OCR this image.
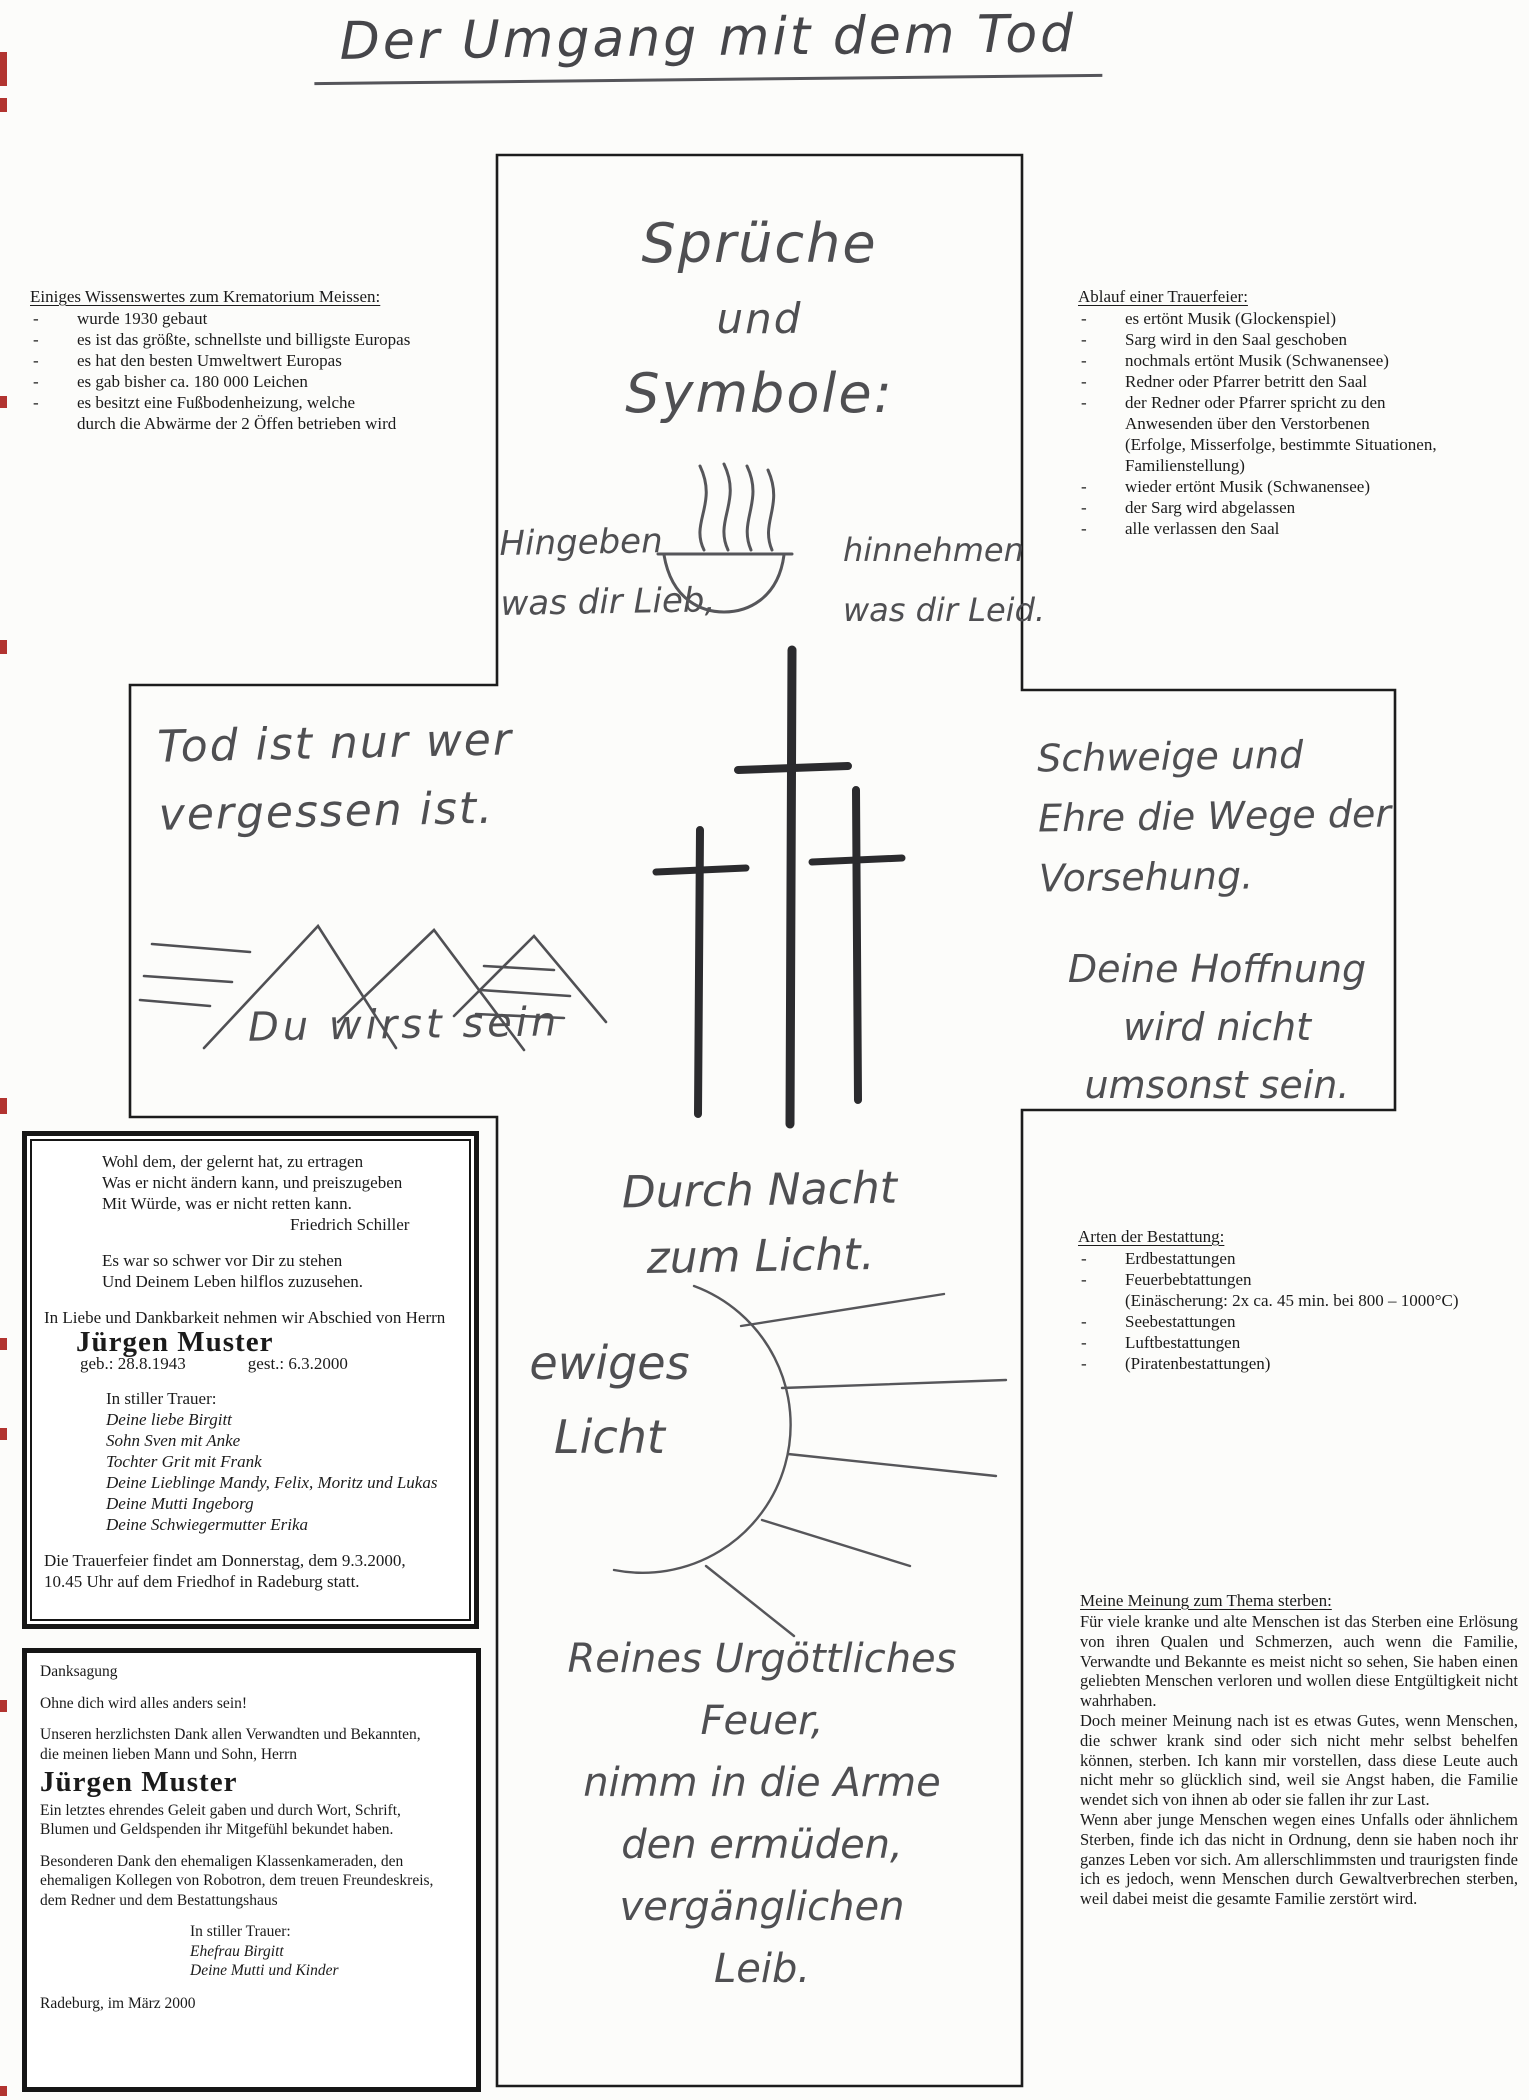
Der Umgang mit dem Tod
Sprüche
und
Symbole:
Hingeben
was dir Lieb,
hinnehmen
was dir Leid.
Durch Nacht
zum Licht.
ewiges
Licht
Reines Urgöttliches
Feuer,
nimm in die Arme
den ermüden,
vergänglichen
Leib.
Einiges Wissenswertes zum Krematorium Meissen:
-	wurde 1930 gebaut
-	es ist das größte, schnellste und billigste Europas
-	es hat den besten Umweltwert Europas
-	es gab bisher ca. 180 000 Leichen
-	es besitzt eine Fußbodenheizung, welche
durch die Abwärme der 2 Öffen betrieben wird
Tod ist nur wer
vergessen ist.
Du wirst sein
Wohl dem, der gelernt hat, zu ertragen
Was er nicht ändern kann, und preiszugeben
Mit Würde, was er nicht retten kann.
Friedrich Schiller
Es war so schwer vor Dir zu stehen
Und Deinem Leben hilflos zuzusehen.
In Liebe und Dankbarkeit nehmen wir Abschied von Herrn
Jürgen Muster
geb.: 28.8.1943	gest.: 6.3.2000
In stiller Trauer:
Deine liebe Birgitt
Sohn Sven mit Anke
Tochter Grit mit Frank
Deine Lieblinge Mandy, Felix, Moritz und Lukas
Deine Mutti Ingeborg
Deine Schwiegermutter Erika
Die Trauerfeier findet am Donnerstag, dem 9.3.2000,
10.45 Uhr auf dem Friedhof in Radeburg statt.
Danksagung
Ohne dich wird alles anders sein!
Unseren herzlichsten Dank allen Verwandten und Bekannten,
die meinen lieben Mann und Sohn, Herrn
Jürgen Muster
Ein letztes ehrendes Geleit gaben und durch Wort, Schrift,
Blumen und Geldspenden ihr Mitgefühl bekundet haben.
Besonderen Dank den ehemaligen Klassenkameraden, den
ehemaligen Kollegen von Robotron, dem treuen Freundeskreis,
dem Redner und dem Bestattungshaus
In stiller Trauer:
Ehefrau Birgitt
Deine Mutti und Kinder
Radeburg, im März 2000
Ablauf einer Trauerfeier:
-	es ertönt Musik (Glockenspiel)
-	Sarg wird in den Saal geschoben
-	nochmals ertönt Musik (Schwanensee)
-	Redner oder Pfarrer betritt den Saal
-	der Redner oder Pfarrer spricht zu den
Anwesenden über den Verstorbenen
(Erfolge, Misserfolge, bestimmte Situationen,
Familienstellung)
-	wieder ertönt Musik (Schwanensee)
-	der Sarg wird abgelassen
-	alle verlassen den Saal
Schweige und
Ehre die Wege der
Vorsehung.
Deine Hoffnung
wird nicht
umsonst sein.
Arten der Bestattung:
-	Erdbestattungen
-	Feuerbebtattungen
(Einäscherung: 2x ca. 45 min. bei 800 – 1000°C)
-	Seebestattungen
-	Luftbestattungen
-	(Piratenbestattungen)
Meine Meinung zum Thema sterben:

Für viele kranke und alte Menschen ist das Sterben eine Erlösung von ihren Qualen und Schmerzen, auch wenn die Familie, Verwandte und Bekannte es meist nicht so sehen, Sie haben einen geliebten Menschen verloren und wollen diese Entgültigkeit nicht wahrhaben.

Doch meiner Meinung nach ist es etwas Gutes, wenn Menschen, die schwer krank sind oder sich nicht mehr selbst behelfen können, sterben. Ich kann mir vorstellen, dass diese Leute auch nicht mehr so glücklich sind, weil sie Angst haben, die Familie wendet sich von ihnen ab oder sie fallen ihr zur Last.

Wenn aber junge Menschen wegen eines Unfalls oder ähnlichem Sterben, finde ich das nicht in Ordnung, denn sie haben noch ihr ganzes Leben vor sich. Am allerschlimmsten und traurigsten finde ich es jedoch, wenn Menschen durch Gewaltverbrechen sterben, weil dabei meist die gesamte Familie zerstört wird.
